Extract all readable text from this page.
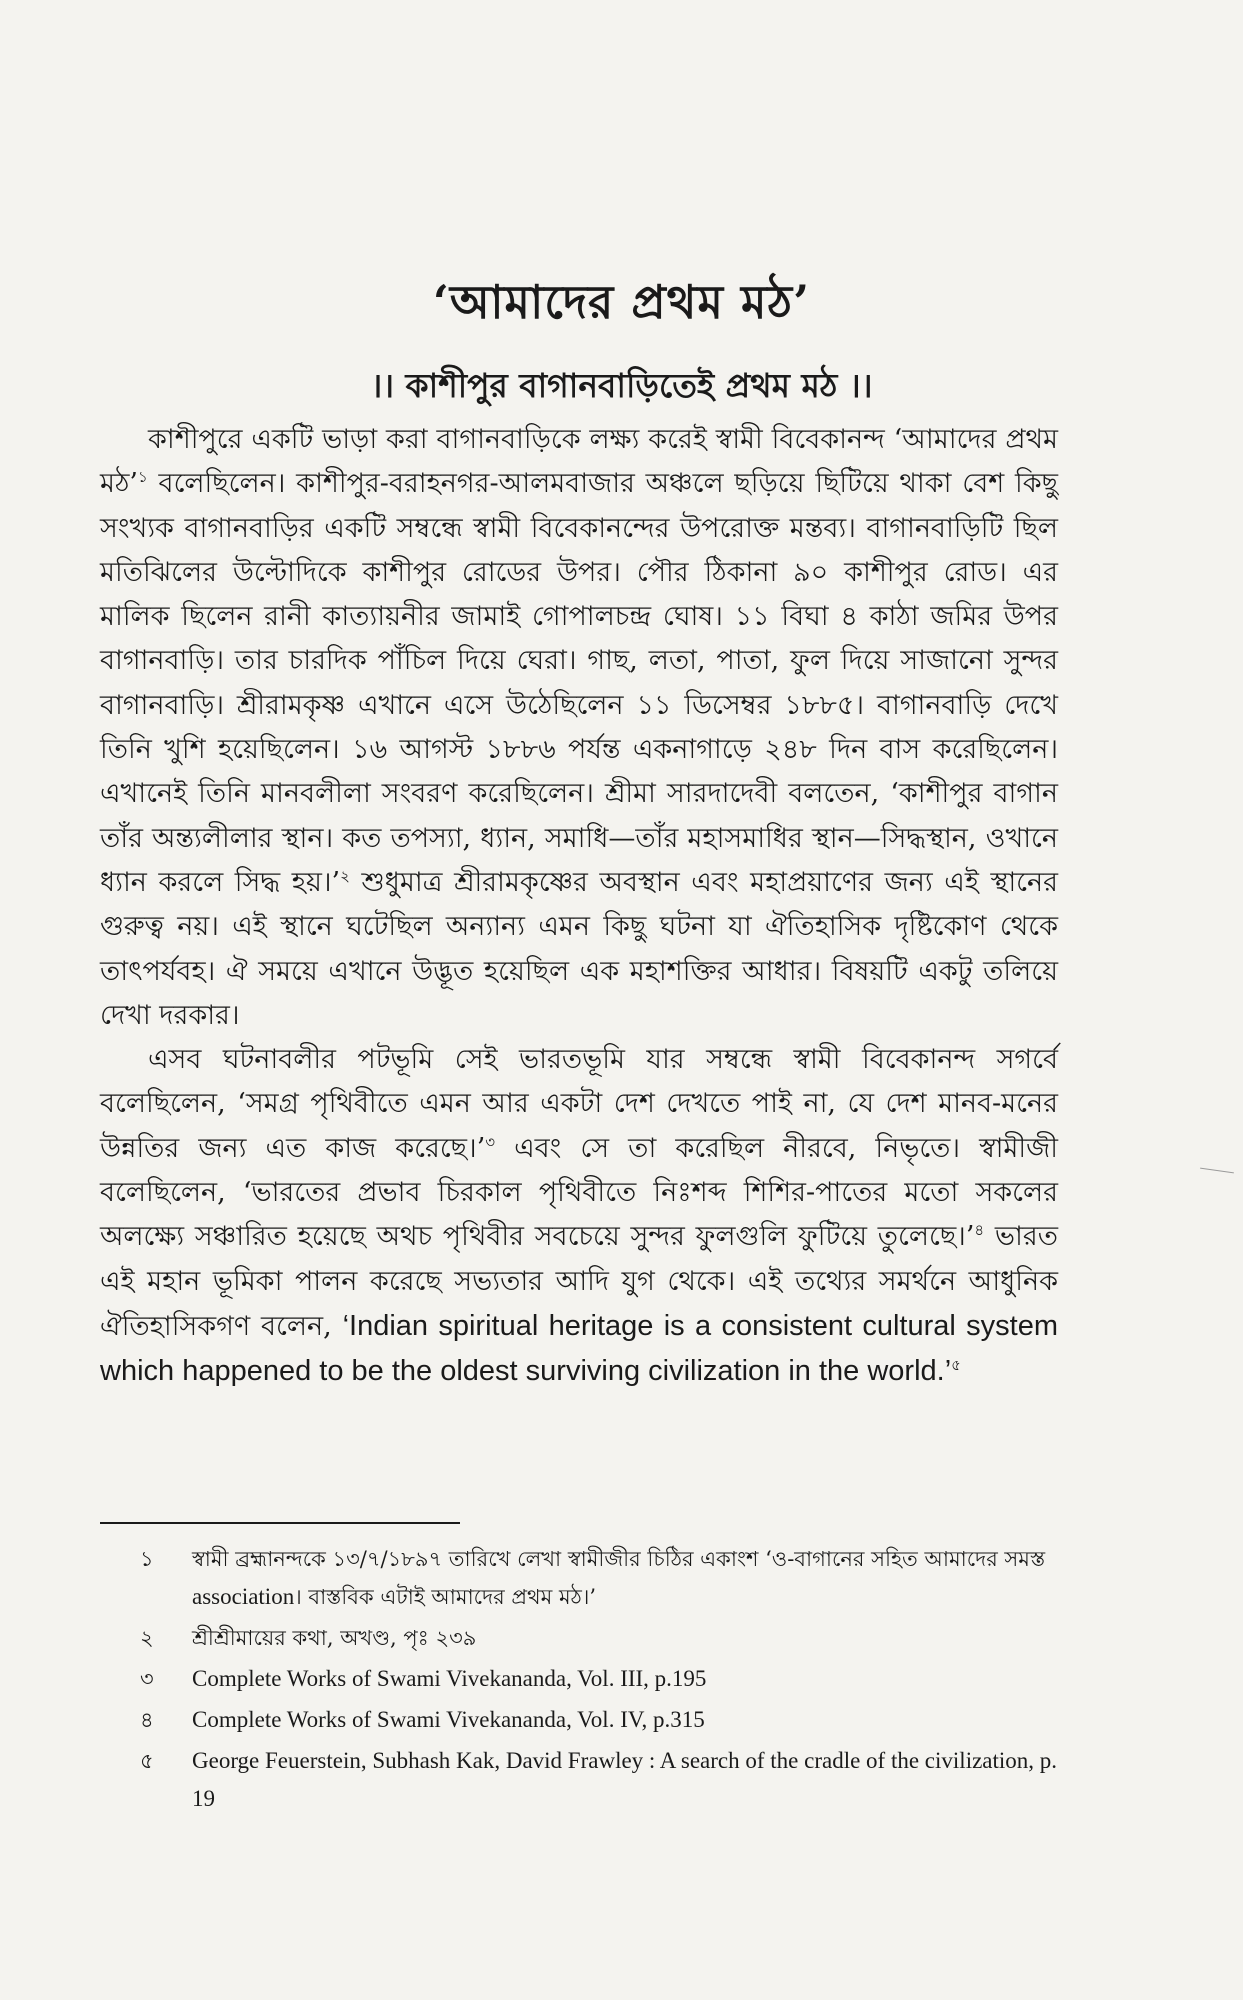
‘আমাদের প্রথম মঠ’
।। কাশীপুর বাগানবাড়িতেই প্রথম মঠ ।।

কাশীপুরে একটি ভাড়া করা বাগানবাড়িকে লক্ষ্য করেই স্বামী বিবেকানন্দ ‘আমাদের প্রথম মঠ’$^১$ বলেছিলেন। কাশীপুর-বরাহনগর-আলমবাজার অঞ্চলে ছড়িয়ে ছিটিয়ে থাকা বেশ কিছু সংখ্যক বাগানবাড়ির একটি সম্বন্ধে স্বামী বিবেকানন্দের উপরোক্ত মন্তব্য। বাগানবাড়িটি ছিল মতিঝিলের উল্টোদিকে কাশীপুর রোডের উপর। পৌর ঠিকানা ৯০ কাশীপুর রোড। এর মালিক ছিলেন রানী কাত্যায়নীর জামাই গোপালচন্দ্র ঘোষ। ১১ বিঘা ৪ কাঠা জমির উপর বাগানবাড়ি। তার চারদিক পাঁচিল দিয়ে ঘেরা। গাছ, লতা, পাতা, ফুল দিয়ে সাজানো সুন্দর বাগানবাড়ি। শ্রীরামকৃষ্ণ এখানে এসে উঠেছিলেন ১১ ডিসেম্বর ১৮৮৫। বাগানবাড়ি দেখে তিনি খুশি হয়েছিলেন। ১৬ আগস্ট ১৮৮৬ পর্যন্ত একনাগাড়ে ২৪৮ দিন বাস করেছিলেন। এখানেই তিনি মানবলীলা সংবরণ করেছিলেন। শ্রীমা সারদাদেবী বলতেন, ‘কাশীপুর বাগান তাঁর অন্ত্যলীলার স্থান। কত তপস্যা, ধ্যান, সমাধি—তাঁর মহাসমাধির স্থান—সিদ্ধস্থান, ওখানে ধ্যান করলে সিদ্ধ হয়।’$^২$ শুধুমাত্র শ্রীরামকৃষ্ণের অবস্থান এবং মহাপ্রয়াণের জন্য এই স্থানের গুরুত্ব নয়। এই স্থানে ঘটেছিল অন্যান্য এমন কিছু ঘটনা যা ঐতিহাসিক দৃষ্টিকোণ থেকে তাৎপর্যবহ। ঐ সময়ে এখানে উদ্ভূত হয়েছিল এক মহাশক্তির আধার। বিষয়টি একটু তলিয়ে দেখা দরকার।

এসব ঘটনাবলীর পটভূমি সেই ভারতভূমি যার সম্বন্ধে স্বামী বিবেকানন্দ সগর্বে বলেছিলেন, ‘সমগ্র পৃথিবীতে এমন আর একটা দেশ দেখতে পাই না, যে দেশ মানব-মনের উন্নতির জন্য এত কাজ করেছে।’$^৩$ এবং সে তা করেছিল নীরবে, নিভৃতে। স্বামীজী বলেছিলেন, ‘ভারতের প্রভাব চিরকাল পৃথিবীতে নিঃশব্দ শিশির-পাতের মতো সকলের অলক্ষ্যে সঞ্চারিত হয়েছে অথচ পৃথিবীর সবচেয়ে সুন্দর ফুলগুলি ফুটিয়ে তুলেছে।’$^৪$ ভারত এই মহান ভূমিকা পালন করেছে সভ্যতার আদি যুগ থেকে। এই তথ্যের সমর্থনে আধুনিক ঐতিহাসিকগণ বলেন, ‘Indian spiritual heritage is a consistent cultural system which happened to be the oldest surviving civilization in the world.’$^৫$

১	স্বামী ব্রহ্মানন্দকে ১৩/৭/১৮৯৭ তারিখে লেখা স্বামীজীর চিঠির একাংশ ‘ও-বাগানের সহিত আমাদের সমস্ত association। বাস্তবিক এটাই আমাদের প্রথম মঠ।’
২	শ্রীশ্রীমায়ের কথা, অখণ্ড, পৃঃ ২৩৯
৩	Complete Works of Swami Vivekananda, Vol. III, p.195
৪	Complete Works of Swami Vivekananda, Vol. IV, p.315
৫	George Feuerstein, Subhash Kak, David Frawley : A search of the cradle of the civilization, p. 19
